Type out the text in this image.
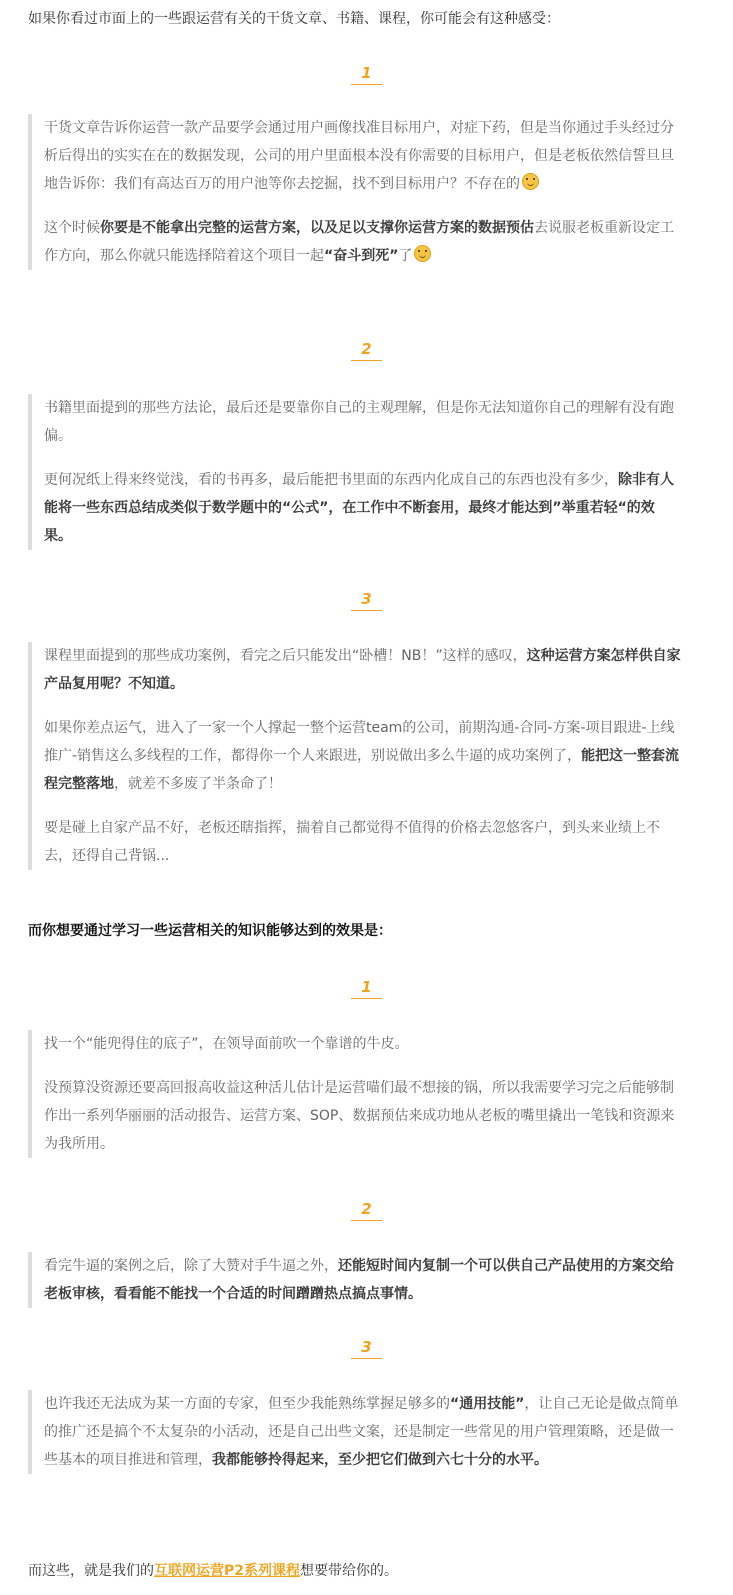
如果你看过市面上的一些跟运营有关的干货文章、书籍、课程，你可能会有这种感受：
1

干货文章告诉你运营一款产品要学会通过用户画像找准目标用户，对症下药，但是当你通过手头经过分析后得出的实实在在的数据发现，公司的用户里面根本没有你需要的目标用户，但是老板依然信誓旦旦地告诉你：我们有高达百万的用户池等你去挖掘，找不到目标用户？不存在的

这个时候你要是不能拿出完整的运营方案，以及足以支撑你运营方案的数据预估去说服老板重新设定工作方向，那么你就只能选择陪着这个项目一起“奋斗到死”了

2

书籍里面提到的那些方法论，最后还是要靠你自己的主观理解，但是你无法知道你自己的理解有没有跑偏。

更何况纸上得来终觉浅，看的书再多，最后能把书里面的东西内化成自己的东西也没有多少，除非有人能将一些东西总结成类似于数学题中的“公式”，在工作中不断套用，最终才能达到”举重若轻“的效果。

3

课程里面提到的那些成功案例，看完之后只能发出“卧槽！NB！”这样的感叹，这种运营方案怎样供自家产品复用呢？不知道。

如果你差点运气，进入了一家一个人撑起一整个运营team的公司，前期沟通-合同-方案-项目跟进-上线推广-销售这么多线程的工作，都得你一个人来跟进，别说做出多么牛逼的成功案例了，能把这一整套流程完整落地，就差不多废了半条命了！

要是碰上自家产品不好，老板还瞎指挥，揣着自己都觉得不值得的价格去忽悠客户，到头来业绩上不去，还得自己背锅...

而你想要通过学习一些运营相关的知识能够达到的效果是：
1

找一个“能兜得住的底子”，在领导面前吹一个靠谱的牛皮。

没预算没资源还要高回报高收益这种活儿估计是运营喵们最不想接的锅，所以我需要学习完之后能够制作出一系列华丽丽的活动报告、运营方案、SOP、数据预估来成功地从老板的嘴里撬出一笔钱和资源来为我所用。

2

看完牛逼的案例之后，除了大赞对手牛逼之外，还能短时间内复制一个可以供自己产品使用的方案交给老板审核，看看能不能找一个合适的时间蹭蹭热点搞点事情。

3

也许我还无法成为某一方面的专家，但至少我能熟练掌握足够多的“通用技能”，让自己无论是做点简单的推广还是搞个不太复杂的小活动，还是自己出些文案，还是制定一些常见的用户管理策略，还是做一些基本的项目推进和管理，我都能够拎得起来，至少把它们做到六七十分的水平。

而这些，就是我们的互联网运营P2系列课程想要带给你的。
